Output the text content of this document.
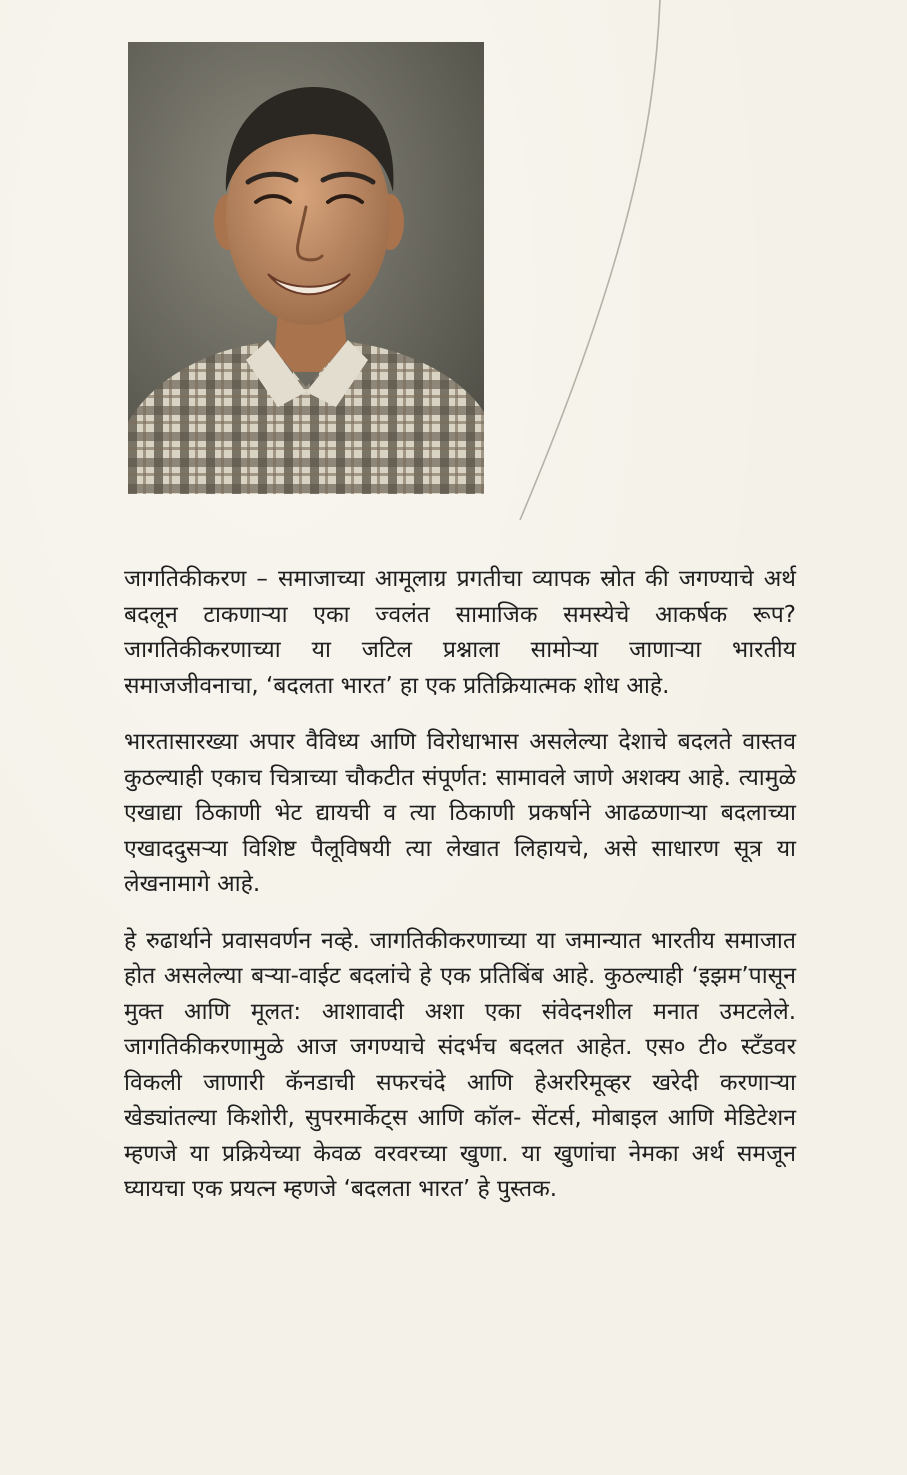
जागतिकीकरण – समाजाच्या आमूलाग्र प्रगतीचा व्यापक स्रोत की जगण्याचे अर्थ बदलून टाकणाऱ्या एका ज्वलंत सामाजिक समस्येचे आकर्षक रूप? जागतिकीकरणाच्या या जटिल प्रश्नाला सामोऱ्या जाणाऱ्या भारतीय समाजजीवनाचा, ‘बदलता भारत’ हा एक प्रतिक्रियात्मक शोध आहे.

भारतासारख्या अपार वैविध्य आणि विरोधाभास असलेल्या देशाचे बदलते वास्तव कुठल्याही एकाच चित्राच्या चौकटीत संपूर्णत: सामावले जाणे अशक्य आहे. त्यामुळे एखाद्या ठिकाणी भेट द्यायची व त्या ठिकाणी प्रकर्षाने आढळणाऱ्या बदलाच्या एखाददुसऱ्या विशिष्ट पैलूविषयी त्या लेखात लिहायचे, असे साधारण सूत्र या लेखनामागे आहे.

हे रुढार्थाने प्रवासवर्णन नव्हे. जागतिकीकरणाच्या या जमान्यात भारतीय समाजात होत असलेल्या बऱ्या-वाईट बदलांचे हे एक प्रतिबिंब आहे. कुठल्याही ‘इझम’पासून मुक्त आणि मूलत: आशावादी अशा एका संवेदनशील मनात उमटलेले. जागतिकीकरणामुळे आज जगण्याचे संदर्भच बदलत आहेत. एस० टी० स्टँडवर विकली जाणारी कॅनडाची सफरचंदे आणि हेअररिमूव्हर खरेदी करणाऱ्या खेड्यांतल्या किशोरी, सुपरमार्केट्स आणि कॉल- सेंटर्स, मोबाइल आणि मेडिटेशन म्हणजे या प्रक्रियेच्या केवळ वरवरच्या खुणा. या खुणांचा नेमका अर्थ समजून घ्यायचा एक प्रयत्न म्हणजे ‘बदलता भारत’ हे पुस्तक.
